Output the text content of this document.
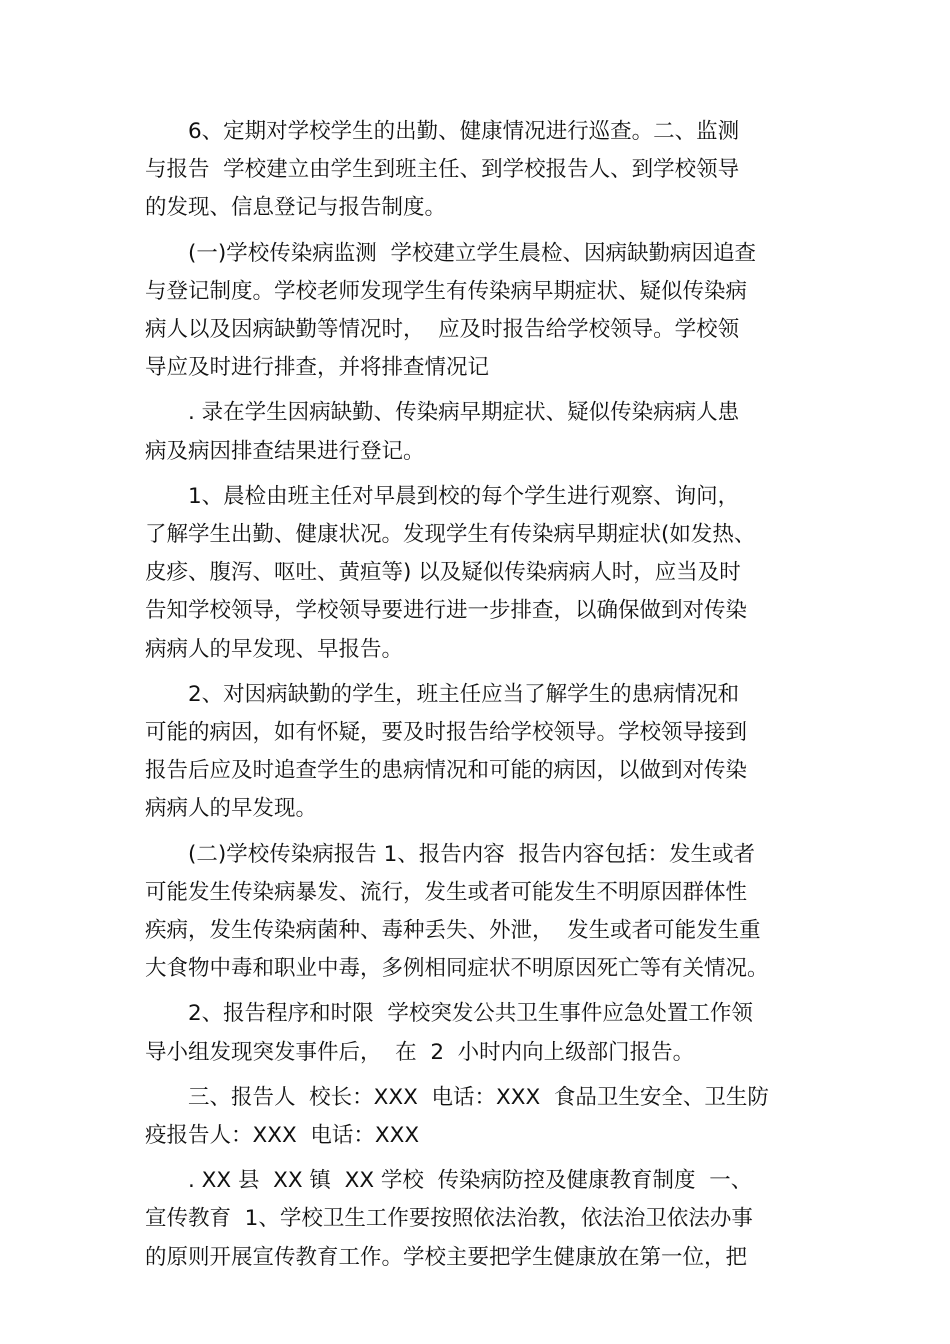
6、定期对学校学生的出勤、健康情况进行巡查。二、监测
与报告  学校建立由学生到班主任、到学校报告人、到学校领导
的发现、信息登记与报告制度。
(一)学校传染病监测  学校建立学生晨检、因病缺勤病因追查
与登记制度。学校老师发现学生有传染病早期症状、疑似传染病
病人以及因病缺勤等情况时，  应及时报告给学校领导。学校领
导应及时进行排查，并将排查情况记
. 录在学生因病缺勤、传染病早期症状、疑似传染病病人患
病及病因排查结果进行登记。
1、晨检由班主任对早晨到校的每个学生进行观察、询问，
了解学生出勤、健康状况。发现学生有传染病早期症状(如发热、
皮疹、腹泻、呕吐、黄疸等) 以及疑似传染病病人时，应当及时
告知学校领导，学校领导要进行进一步排查，以确保做到对传染
病病人的早发现、早报告。
2、对因病缺勤的学生，班主任应当了解学生的患病情况和
可能的病因，如有怀疑，要及时报告给学校领导。学校领导接到
报告后应及时追查学生的患病情况和可能的病因，以做到对传染
病病人的早发现。
(二)学校传染病报告 1、报告内容  报告内容包括：发生或者
可能发生传染病暴发、流行，发生或者可能发生不明原因群体性
疾病，发生传染病菌种、毒种丢失、外泄，  发生或者可能发生重
大食物中毒和职业中毒，多例相同症状不明原因死亡等有关情况。
2、报告程序和时限  学校突发公共卫生事件应急处置工作领
导小组发现突发事件后，  在  2  小时内向上级部门报告。
三、报告人  校长：XXX  电话：XXX  食品卫生安全、卫生防
疫报告人：XXX  电话：XXX
. XX 县  XX 镇  XX 学校  传染病防控及健康教育制度  一、
宣传教育  1、学校卫生工作要按照依法治教，依法治卫依法办事
的原则开展宣传教育工作。学校主要把学生健康放在第一位，把
